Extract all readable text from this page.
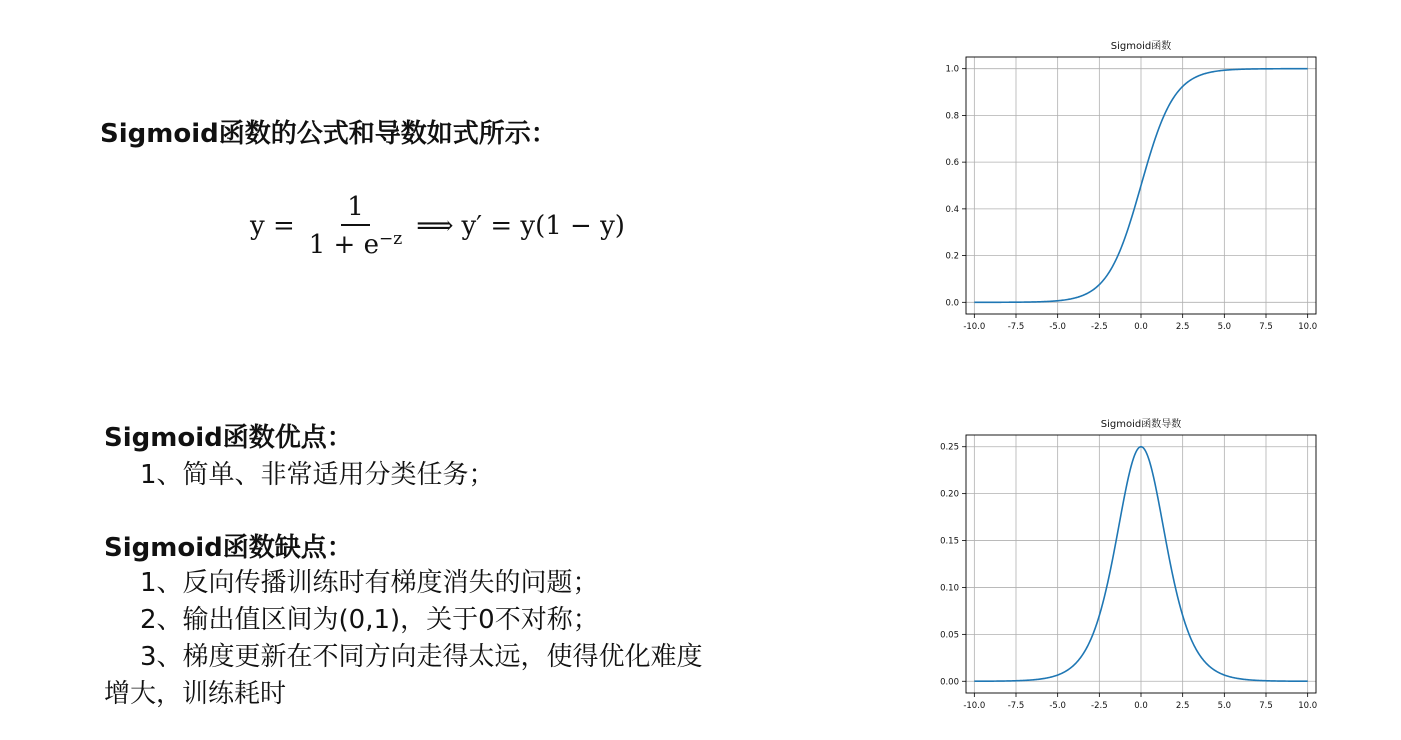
Sigmoid函数的公式和导数如式所示：
$y = \frac{1}{1 + e^{-z}}$ ⟹ y′ = y(1 − y)
Sigmoid函数优点：
1、简单、非常适用分类任务；
Sigmoid函数缺点：
1、反向传播训练时有梯度消失的问题；
2、输出值区间为(0,1)，关于0不对称；
3、梯度更新在不同方向走得太远，使得优化难度
增大，训练耗时
Sigmoid函数
-10.0	-7.5	-5.0	-2.5	0.0	2.5	5.0	7.5	10.0
0.0
0.2
0.4
0.6
0.8
1.0
Sigmoid函数导数
-10.0	-7.5	-5.0	-2.5	0.0	2.5	5.0	7.5	10.0
0.00
0.05
0.10
0.15
0.20
0.25
